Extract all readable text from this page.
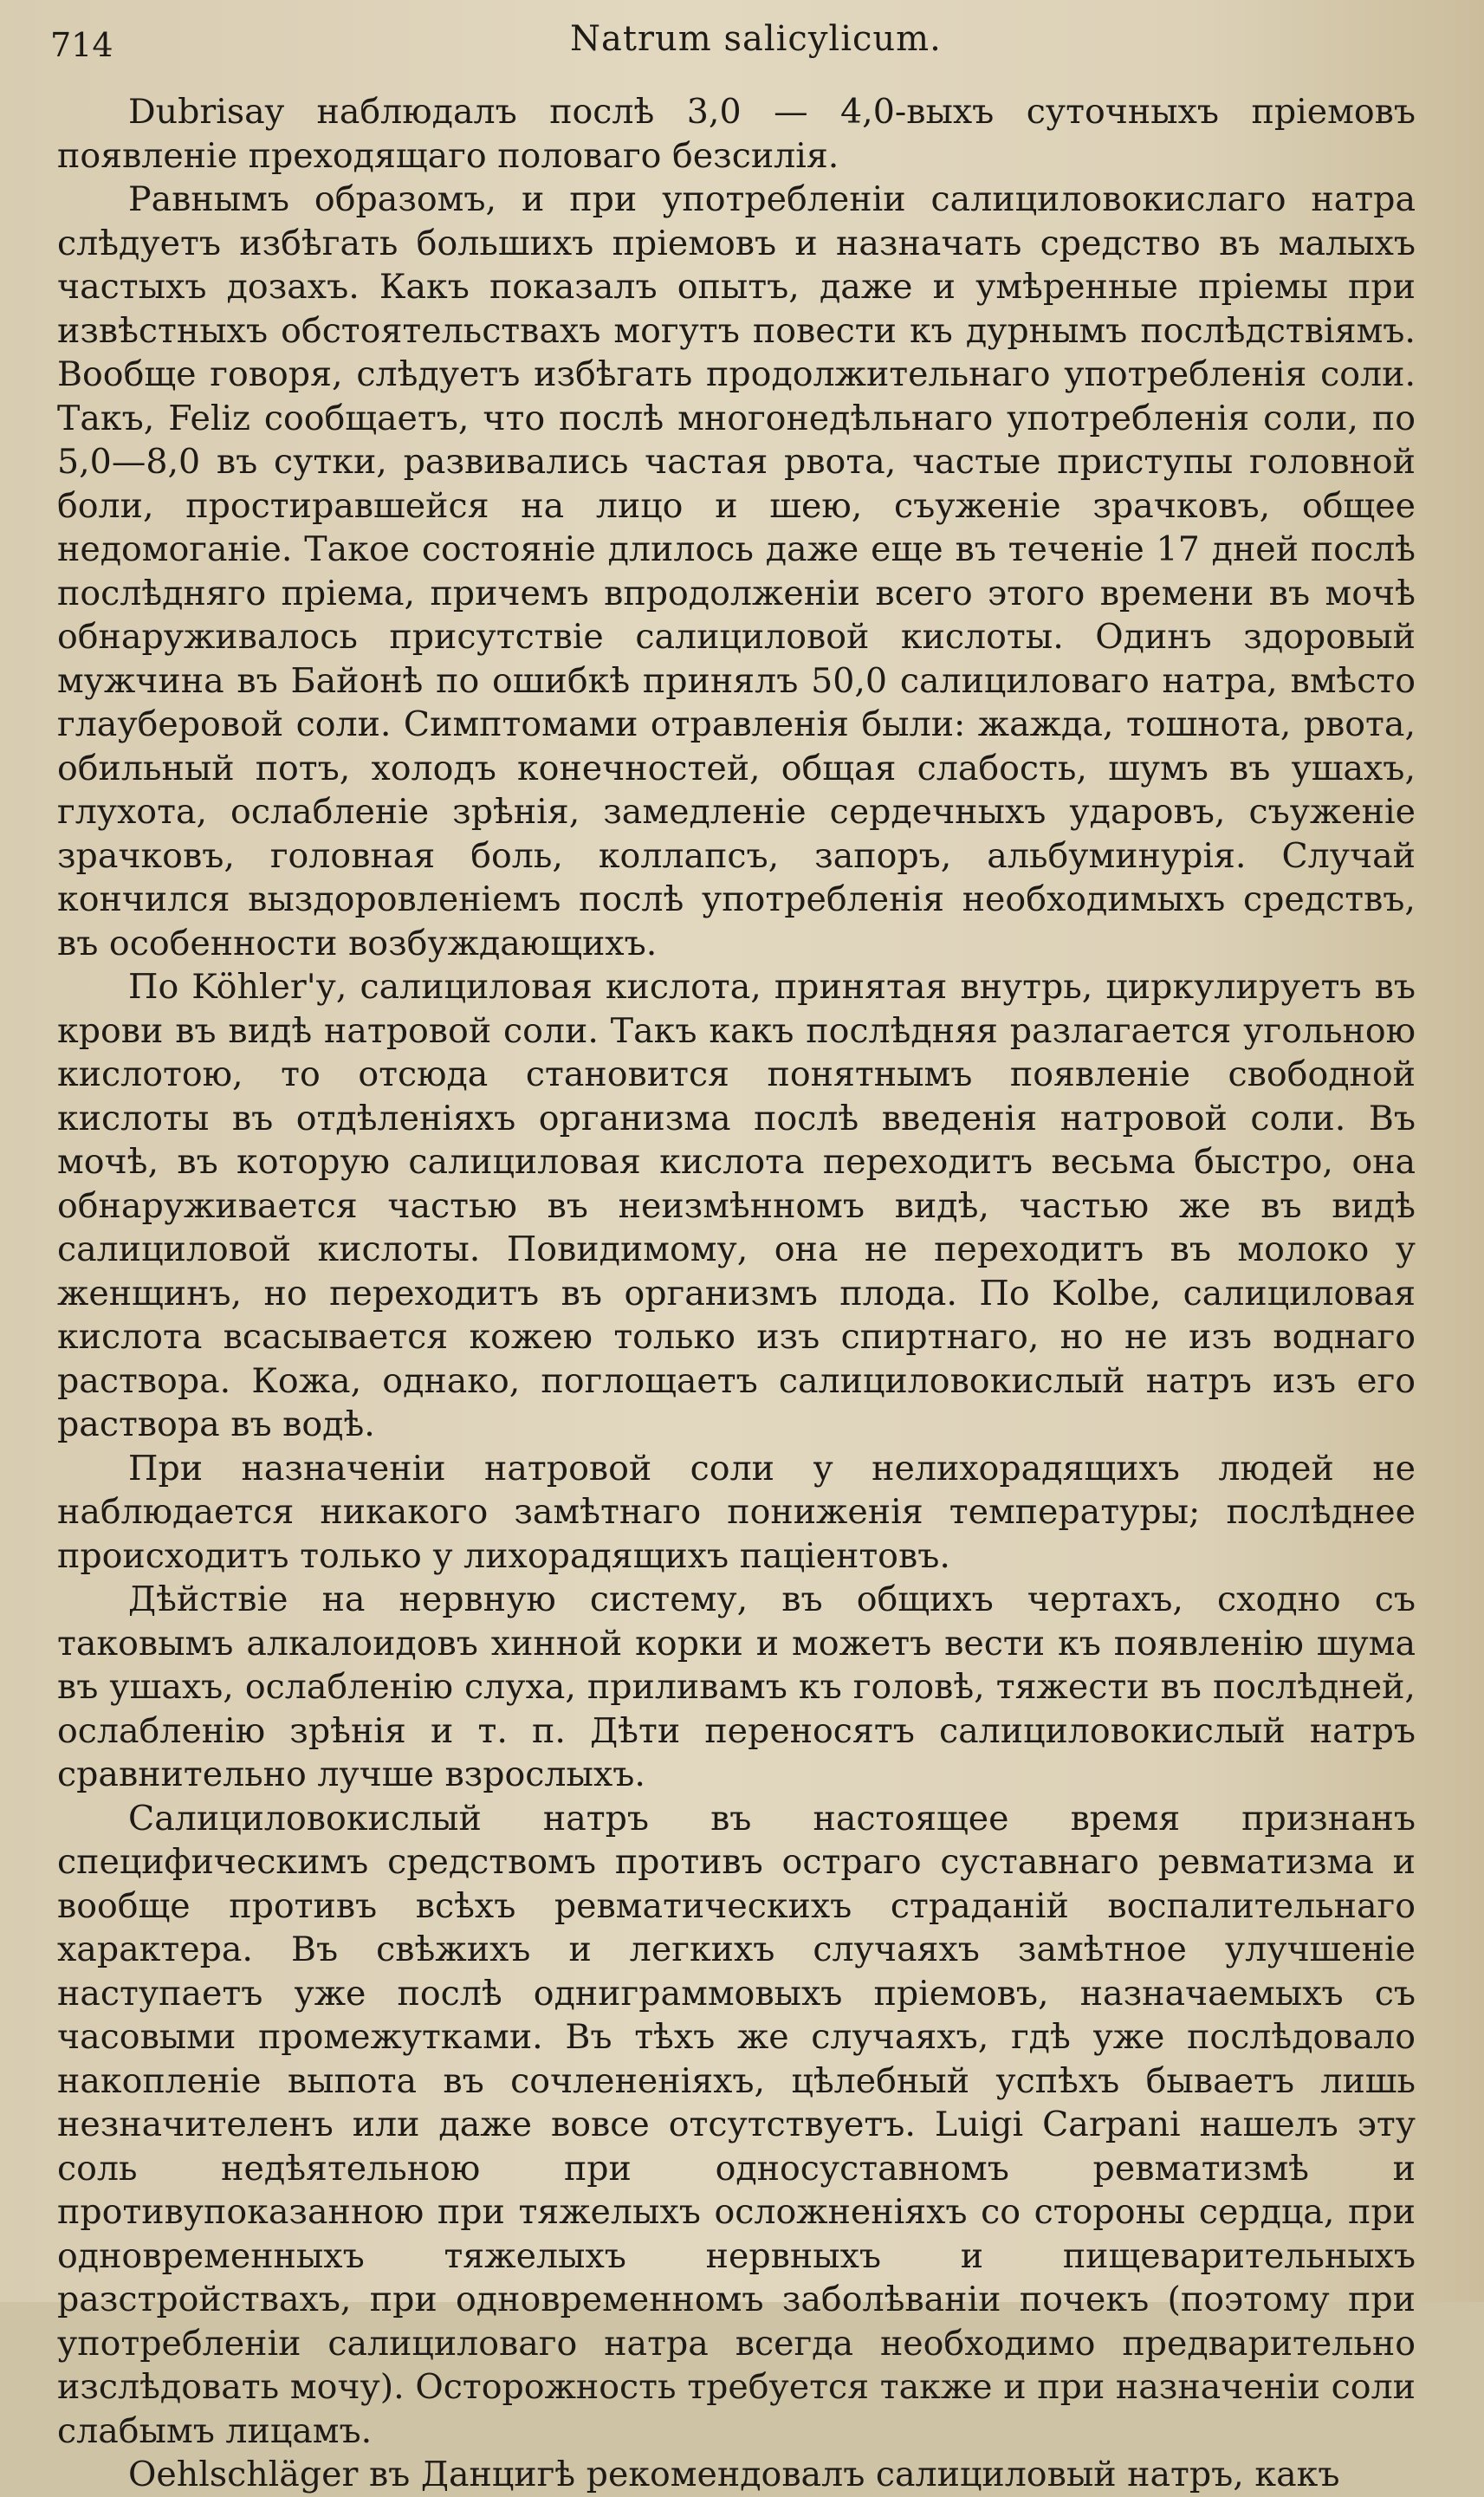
714	Natrum salicylicum.

Dubrisay наблюдалъ послѣ 3,0 — 4,0-выхъ суточныхъ пріемовъ появленіе преходящаго половаго безсилія.

Равнымъ образомъ, и при употребленіи салициловокислаго натра слѣдуетъ избѣгать большихъ пріемовъ и назначать средство въ малыхъ частыхъ дозахъ. Какъ показалъ опытъ, даже и умѣренные пріемы при извѣстныхъ обстоятельствахъ могутъ повести къ дурнымъ послѣдствіямъ. Вообще говоря, слѣдуетъ избѣгать продолжительнаго употребленія соли. Такъ, Feliz сообщаетъ, что послѣ многонедѣльнаго употребленія соли, по 5,0—8,0 въ сутки, развивались частая рвота, частые приступы головной боли, простиравшейся на лицо и шею, съуженіе зрачковъ, общее недомоганіе. Такое состояніе длилось даже еще въ теченіе 17 дней послѣ послѣдняго пріема, причемъ впродолженіи всего этого времени въ мочѣ обнаруживалось присутствіе салициловой кислоты. Одинъ здоровый мужчина въ Байонѣ по ошибкѣ принялъ 50,0 салициловаго натра, вмѣсто глауберовой соли. Симптомами отравленія были: жажда, тошнота, рвота, обильный потъ, холодъ конечностей, общая слабость, шумъ въ ушахъ, глухота, ослабленіе зрѣнія, замедленіе сердечныхъ ударовъ, съуженіе зрачковъ, головная боль, коллапсъ, запоръ, альбуминурія. Случай кончился выздоровленіемъ послѣ употребленія необходимыхъ средствъ, въ особенности возбуждающихъ.

По Köhler'у, салициловая кислота, принятая внутрь, циркулируетъ въ крови въ видѣ натровой соли. Такъ какъ послѣдняя разлагается угольною кислотою, то отсюда становится понятнымъ появленіе свободной кислоты въ отдѣленіяхъ организма послѣ введенія натровой соли. Въ мочѣ, въ которую салициловая кислота переходитъ весьма быстро, она обнаруживается частью въ неизмѣнномъ видѣ, частью же въ видѣ салициловой кислоты. Повидимому, она не переходитъ въ молоко у женщинъ, но переходитъ въ организмъ плода. По Kolbe, салициловая кислота всасывается кожею только изъ спиртнаго, но не изъ воднаго раствора. Кожа, однако, поглощаетъ салициловокислый натръ изъ его раствора въ водѣ.

При назначеніи натровой соли у нелихорадящихъ людей не наблюдается никакого замѣтнаго пониженія температуры; послѣднее происходитъ только у лихорадящихъ паціентовъ.

Дѣйствіе на нервную систему, въ общихъ чертахъ, сходно съ таковымъ алкалоидовъ хинной корки и можетъ вести къ появленію шума въ ушахъ, ослабленію слуха, приливамъ къ головѣ, тяжести въ послѣдней, ослабленію зрѣнія и т. п. Дѣти переносятъ салициловокислый натръ сравнительно лучше взрослыхъ.

Салициловокислый натръ въ настоящее время признанъ специфическимъ средствомъ противъ остраго суставнаго ревматизма и вообще противъ всѣхъ ревматическихъ страданій воспалительнаго характера. Въ свѣжихъ и легкихъ случаяхъ замѣтное улучшеніе наступаетъ уже послѣ одниграммовыхъ пріемовъ, назначаемыхъ съ часовыми промежутками. Въ тѣхъ же случаяхъ, гдѣ уже послѣдовало накопленіе выпота въ сочлененіяхъ, цѣлебный успѣхъ бываетъ лишь незначителенъ или даже вовсе отсутствуетъ. Luigi Carpani нашелъ эту соль недѣятельною при односуставномъ ревматизмѣ и противупоказанною при тяжелыхъ осложненіяхъ со стороны сердца, при одновременныхъ тяжелыхъ нервныхъ и пищеварительныхъ разстройствахъ, при одновременномъ заболѣваніи почекъ (поэтому при употребленіи салициловаго натра всегда необходимо предварительно изслѣдовать мочу). Осторожность требуется также и при назначеніи соли слабымъ лицамъ.

Oehlschläger въ Данцигѣ рекомендовалъ салициловый натръ, какъ
